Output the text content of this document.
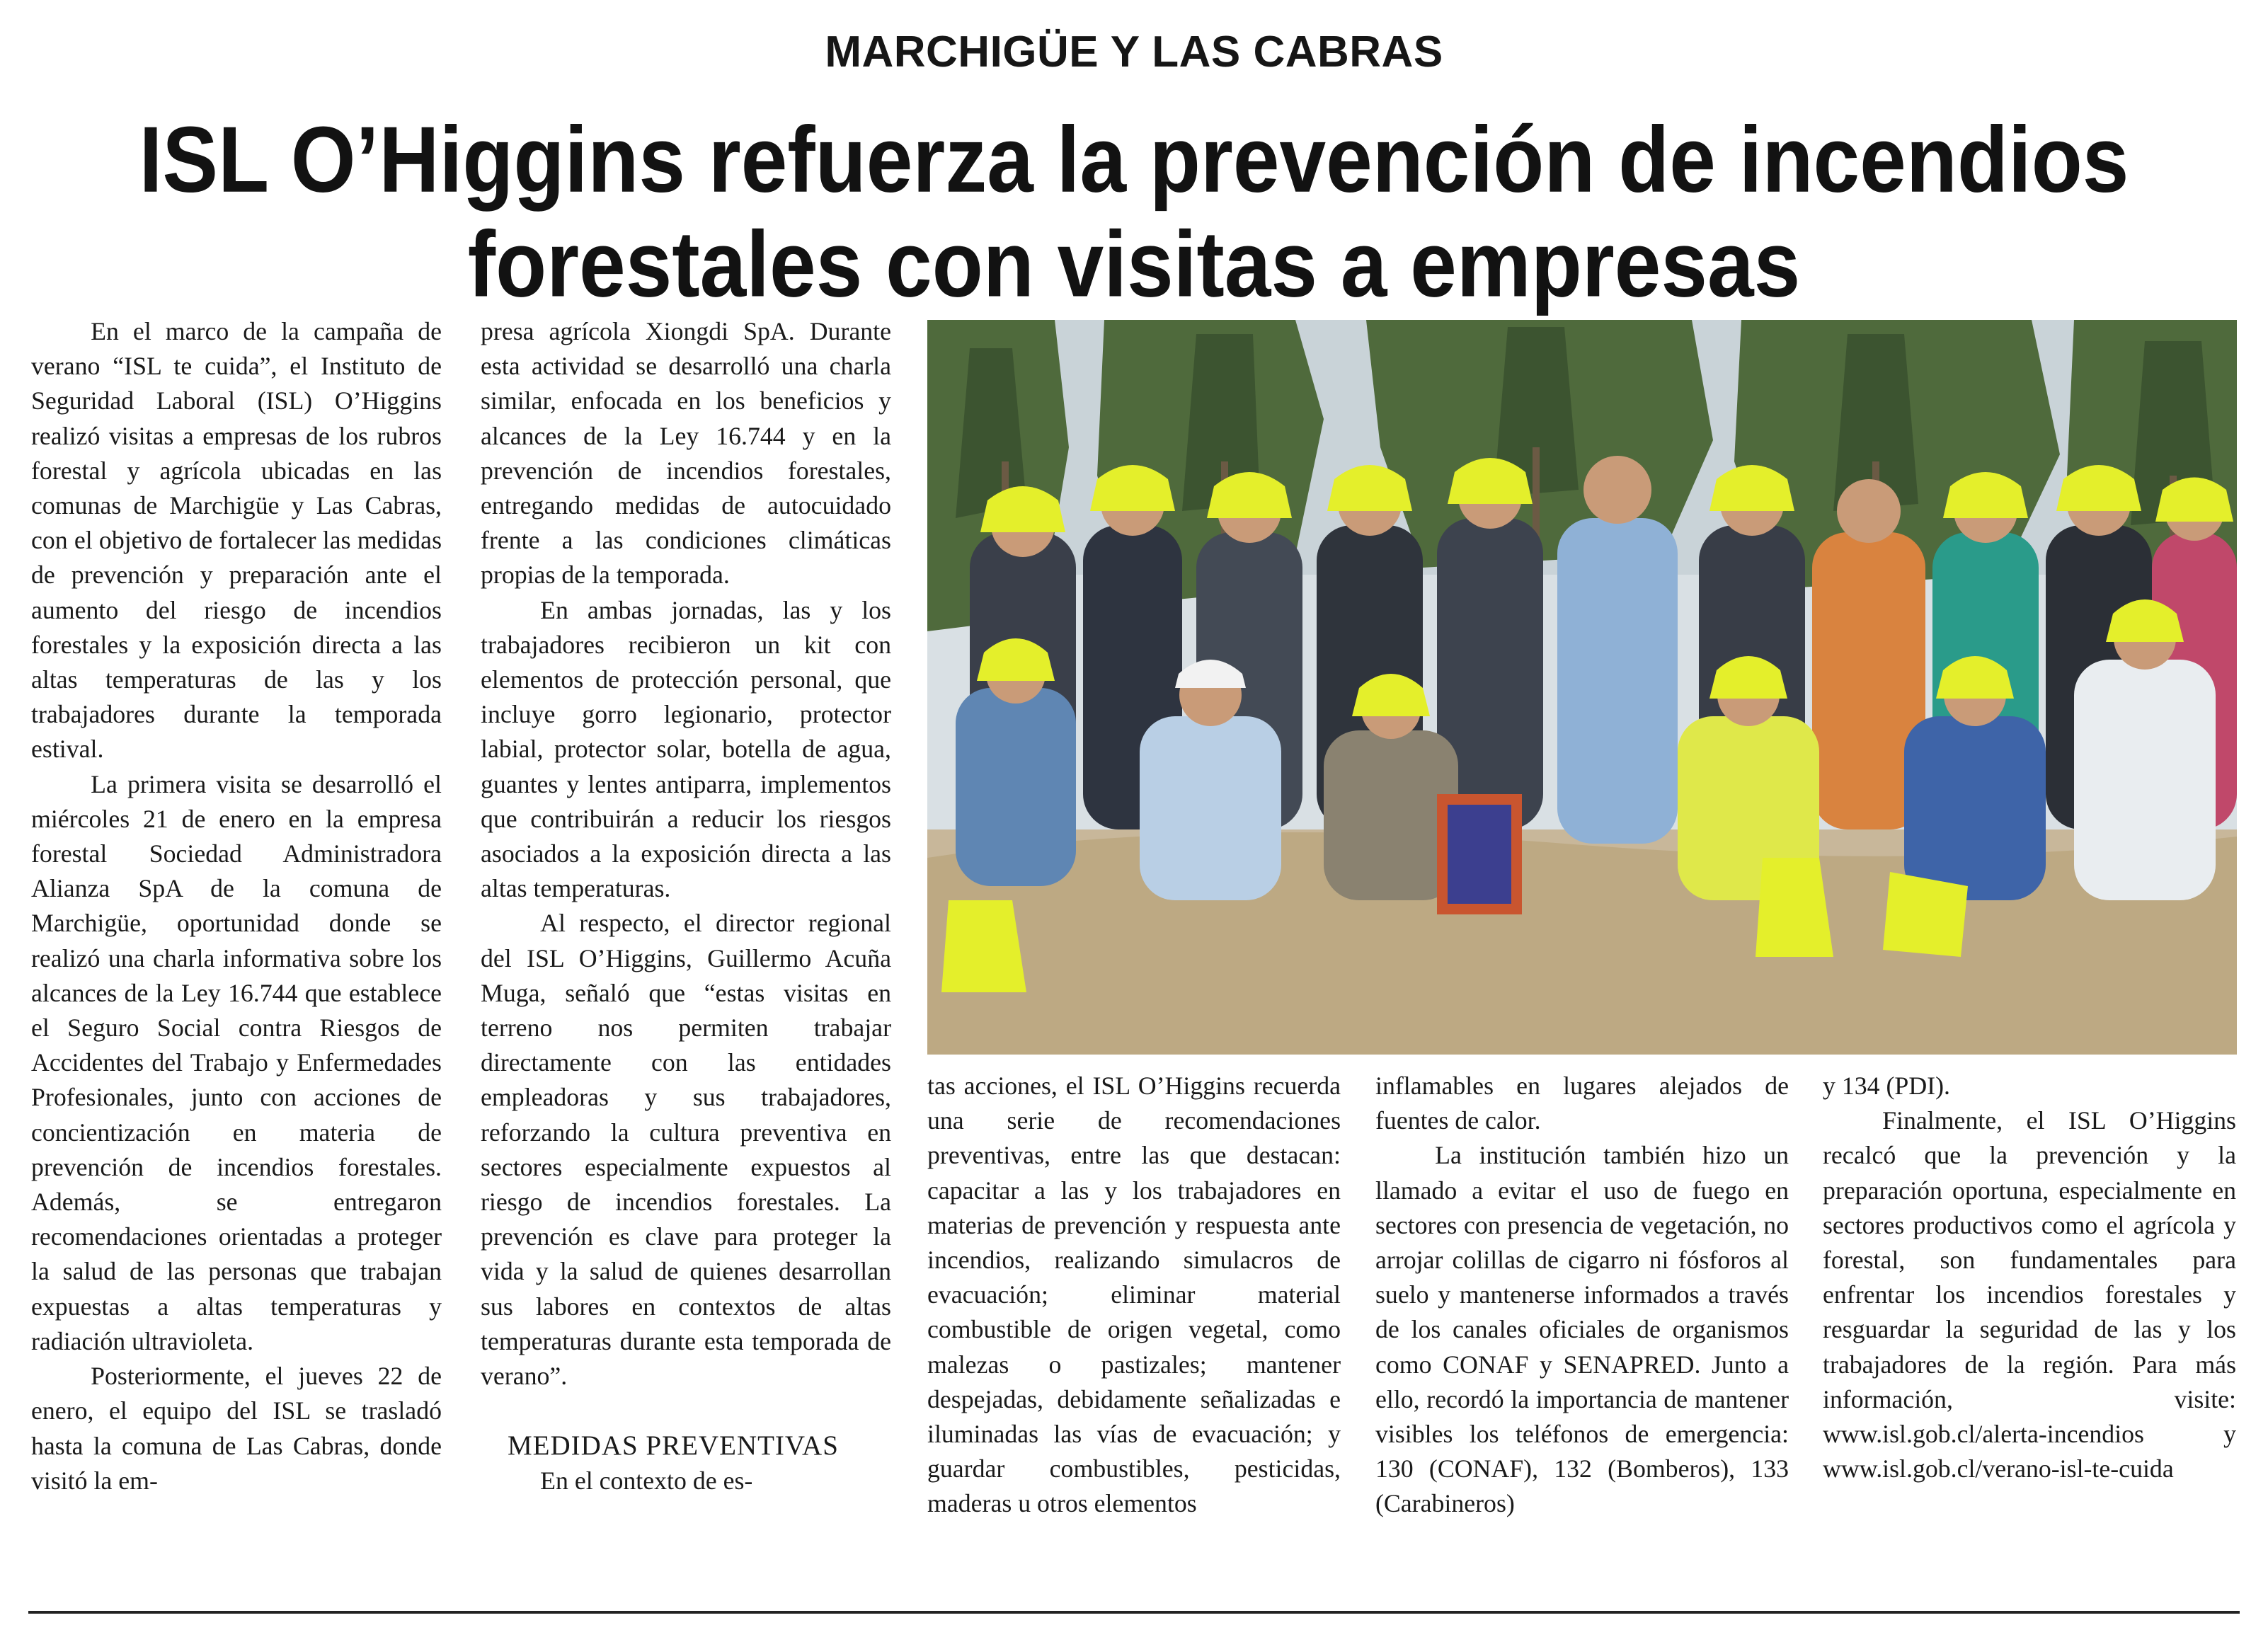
MARCHIGÜE Y LAS CABRAS
ISL O’Higgins refuerza la prevención de incendios
forestales con visitas a empresas

En el marco de la campaña de verano “ISL te cuida”, el Instituto de Seguridad Laboral (ISL) O’Higgins realizó visitas a empresas de los rubros forestal y agrícola ubicadas en las comunas de Marchigüe y Las Cabras, con el objetivo de fortalecer las medidas de prevención y preparación ante el aumento del riesgo de incendios forestales y la exposición directa a las altas temperaturas de las y los trabajadores durante la temporada estival.

La primera visita se desarrolló el miércoles 21 de enero en la empresa forestal Sociedad Administradora Alianza SpA de la comuna de Marchigüe, oportunidad donde se realizó una charla informativa sobre los alcances de la Ley 16.744 que establece el Seguro Social contra Riesgos de Accidentes del Trabajo y Enfermedades Profesionales, junto con acciones de concientización en materia de prevención de incendios forestales. Además, se entregaron recomendaciones orientadas a proteger la salud de las personas que trabajan expuestas a altas temperaturas y radiación ultravioleta.

Posteriormente, el jueves 22 de enero, el equipo del ISL se trasladó hasta la comuna de Las Cabras, donde visitó la em-

presa agrícola Xiongdi SpA. Durante esta actividad se desarrolló una charla similar, enfocada en los beneficios y alcances de la Ley 16.744 y en la prevención de incendios forestales, entregando medidas de autocuidado frente a las condiciones climáticas propias de la temporada.

En ambas jornadas, las y los trabajadores recibieron un kit con elementos de protección personal, que incluye gorro legionario, protector labial, protector solar, botella de agua, guantes y lentes antiparra, implementos que contribuirán a reducir los riesgos asociados a la exposición directa a las altas temperaturas.

Al respecto, el director regional del ISL O’Higgins, Guillermo Acuña Muga, señaló que “estas visitas en terreno nos permiten trabajar directamente con las entidades empleadoras y sus trabajadores, reforzando la cultura preventiva en sectores especialmente expuestos al riesgo de incendios forestales. La prevención es clave para proteger la vida y la salud de quienes desarrollan sus labores en contextos de altas temperaturas durante esta temporada de verano”.

MEDIDAS PREVENTIVAS

En el contexto de es-

tas acciones, el ISL O’Higgins recuerda una serie de recomendaciones preventivas, entre las que destacan: capacitar a las y los trabajadores en materias de prevención y respuesta ante incendios, realizando simulacros de evacuación; eliminar material combustible de origen vegetal, como malezas o pastizales; mantener despejadas, debidamente señalizadas e iluminadas las vías de evacuación; y guardar combustibles, pesticidas, maderas u otros elementos

inflamables en lugares alejados de fuentes de calor.

La institución también hizo un llamado a evitar el uso de fuego en sectores con presencia de vegetación, no arrojar colillas de cigarro ni fósforos al suelo y mantenerse informados a través de los canales oficiales de organismos como CONAF y SENAPRED. Junto a ello, recordó la importancia de mantener visibles los teléfonos de emergencia: 130 (CONAF), 132 (Bomberos), 133 (Carabineros)

y 134 (PDI).

Finalmente, el ISL O’Higgins recalcó que la prevención y la preparación oportuna, especialmente en sectores productivos como el agrícola y forestal, son fundamentales para enfrentar los incendios forestales y resguardar la seguridad de las y los trabajadores de la región. Para más información, visite: www.isl.gob.cl/alerta-incendios y www.isl.gob.cl/verano-isl-te-cuida
